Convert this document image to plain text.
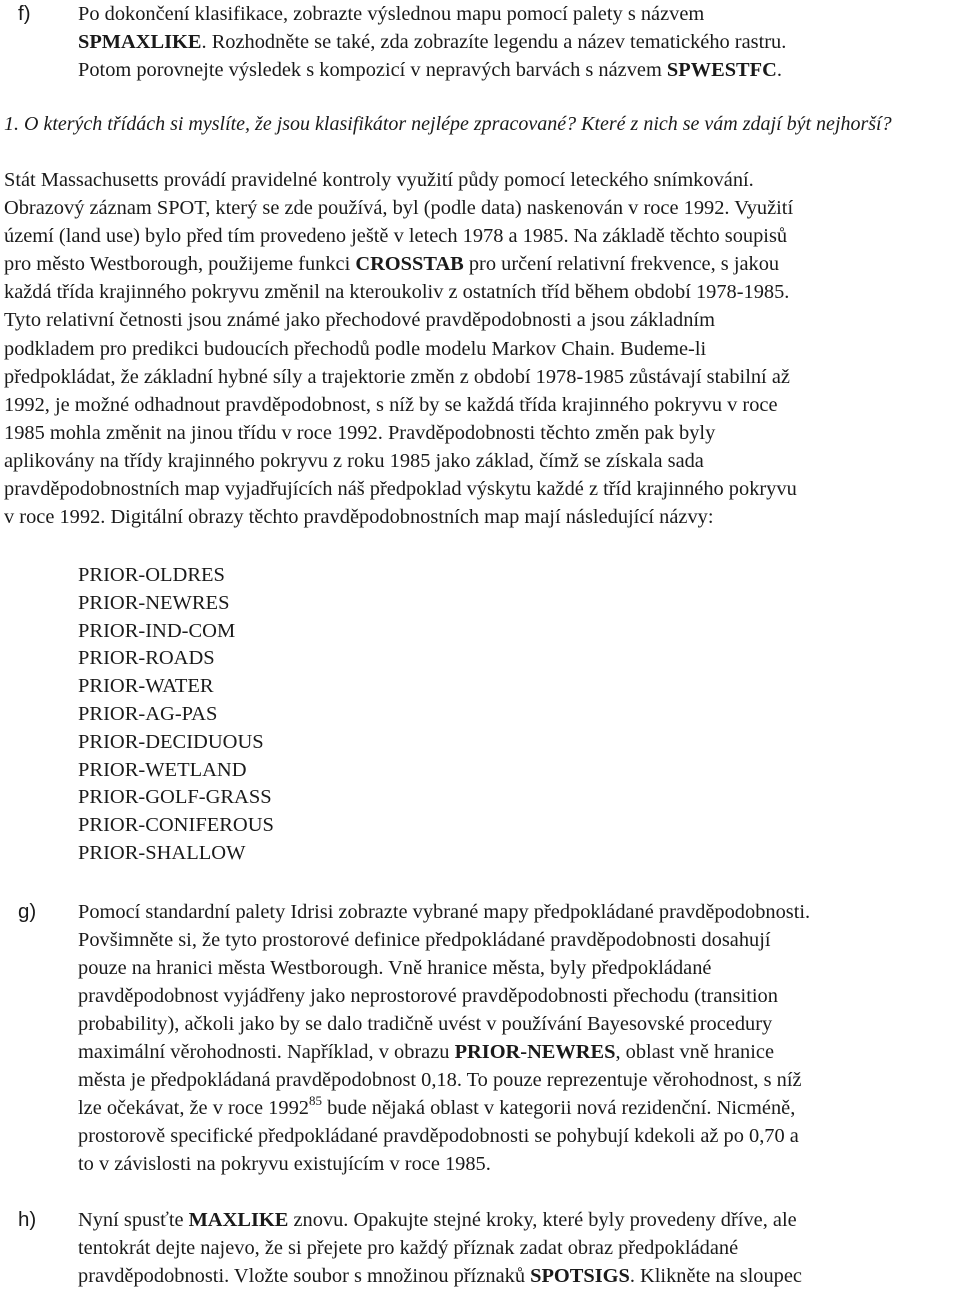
f) Po dokončení klasifikace, zobrazte výslednou mapu pomocí palety s názvem
SPMAXLIKE. Rozhodněte se také, zda zobrazíte legendu a název tematického rastru.
Potom porovnejte výsledek s kompozicí v nepravých barvách s názvem SPWESTFC.
1. O kterých třídách si myslíte, že jsou klasifikátor nejlépe zpracované? Které z nich se vám zdají být nejhorší?
Stát Massachusetts provádí pravidelné kontroly využití půdy pomocí leteckého snímkování.
Obrazový záznam SPOT, který se zde používá, byl (podle data) naskenován v roce 1992. Využití
území (land use) bylo před tím provedeno ještě v letech 1978 a 1985. Na základě těchto soupisů
pro město Westborough, použijeme funkci CROSSTAB pro určení relativní frekvence, s jakou
každá třída krajinného pokryvu změnil na kteroukoliv z ostatních tříd během období 1978-1985.
Tyto relativní četnosti jsou známé jako přechodové pravděpodobnosti a jsou základním
podkladem pro predikci budoucích přechodů podle modelu Markov Chain. Budeme-li
předpokládat, že základní hybné síly a trajektorie změn z období 1978-1985 zůstávají stabilní až
1992, je možné odhadnout pravděpodobnost, s níž by se každá třída krajinného pokryvu v roce
1985 mohla změnit na jinou třídu v roce 1992. Pravděpodobnosti těchto změn pak byly
aplikovány na třídy krajinného pokryvu z roku 1985 jako základ, čímž se získala sada
pravděpodobnostních map vyjadřujících náš předpoklad výskytu každé z tříd krajinného pokryvu
v roce 1992. Digitální obrazy těchto pravděpodobnostních map mají následující názvy:
PRIOR-OLDRES
PRIOR-NEWRES
PRIOR-IND-COM
PRIOR-ROADS
PRIOR-WATER
PRIOR-AG-PAS
PRIOR-DECIDUOUS
PRIOR-WETLAND
PRIOR-GOLF-GRASS
PRIOR-CONIFEROUS
PRIOR-SHALLOW
g) Pomocí standardní palety Idrisi zobrazte vybrané mapy předpokládané pravděpodobnosti.
Povšimněte si, že tyto prostorové definice předpokládané pravděpodobnosti dosahují
pouze na hranici města Westborough. Vně hranice města, byly předpokládané
pravděpodobnost vyjádřeny jako neprostorové pravděpodobnosti přechodu (transition
probability), ačkoli jako by se dalo tradičně uvést v používání Bayesovské procedury
maximální věrohodnosti. Například, v obrazu PRIOR-NEWRES, oblast vně hranice
města je předpokládaná pravděpodobnost 0,18. To pouze reprezentuje věrohodnost, s níž
lze očekávat, že v roce 1992$^{85}$ bude nějaká oblast v kategorii nová rezidenční. Nicméně,
prostorově specifické předpokládané pravděpodobnosti se pohybují kdekoli až po 0,70 a
to v závislosti na pokryvu existujícím v roce 1985.
h) Nyní spusťte MAXLIKE znovu. Opakujte stejné kroky, které byly provedeny dříve, ale
tentokrát dejte najevo, že si přejete pro každý příznak zadat obraz předpokládané
pravděpodobnosti. Vložte soubor s množinou příznaků SPOTSIGS. Klikněte na sloupec
